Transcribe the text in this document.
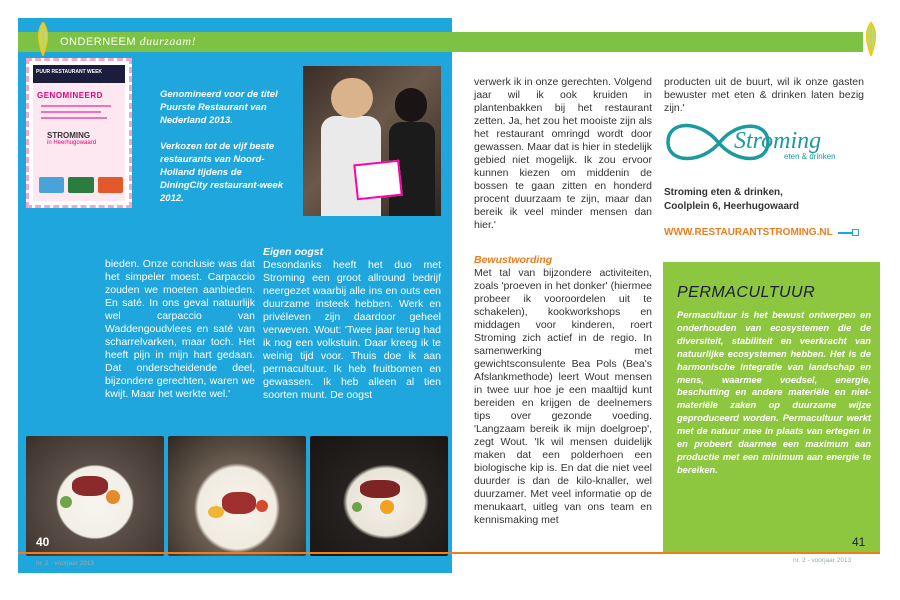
ONDERNEEM duurzaam!
PUUR RESTAURANT WEEK
GENOMINEERD
STROMING
in Heerhugowaard
Genomineerd voor de titel Puurste Restaurant van Nederland 2013.
Verkozen tot de vijf beste restaurants van Noord-Holland tijdens de DiningCity restaurant-week 2012.
bieden. Onze conclusie was dat het simpeler moest. Carpaccio zouden we moeten aanbieden. En saté. In ons geval natuurlijk wel carpaccio van Waddengoudvlees en saté van scharrelvarken, maar toch. Het heeft pijn in mijn hart gedaan. Dat onderscheidende deel, bijzondere gerechten, waren we kwijt. Maar het werkte wel.'
Eigen oogst
Desondanks heeft het duo met Stroming een groot allround bedrijf neergezet waarbij alle ins en outs een duurzame insteek hebben. Werk en privéleven zijn daardoor geheel verweven. Wout: 'Twee jaar terug had ik nog een volkstuin. Daar kreeg ik te weinig tijd voor. Thuis doe ik aan permacultuur. Ik heb fruitbomen en gewassen. Ik heb alleen al tien soorten munt. De oogst
40
nr. 2 - voorjaar 2013
verwerk ik in onze gerechten. Volgend jaar wil ik ook kruiden in plantenbakken bij het restaurant zetten. Ja, het zou het mooiste zijn als het restaurant omringd wordt door gewassen. Maar dat is hier in stedelijk gebied niet mogelijk. Ik zou ervoor kunnen kiezen om middenin de bossen te gaan zitten en honderd procent duurzaam te zijn, maar dan bereik ik veel minder mensen dan hier.'
Bewustwording
Met tal van bijzondere activiteiten, zoals 'proeven in het donker' (hiermee probeer ik vooroordelen uit te schakelen), kookworkshops en middagen voor kinderen, roert Stroming zich actief in de regio. In samenwerking met gewichtsconsulente Bea Pols (Bea's Afslankmethode) leert Wout mensen in twee uur hoe je een maaltijd kunt bereiden en krijgen de deelnemers tips over gezonde voeding. 'Langzaam bereik ik mijn doelgroep', zegt Wout. 'Ik wil mensen duidelijk maken dat een polderhoen een biologische kip is. En dat die niet veel duurder is dan de kilo-knaller, wel duurzamer. Met veel informatie op de menukaart, uitleg van ons team en kennismaking met
producten uit de buurt, wil ik onze gasten bewuster met eten & drinken laten bezig zijn.'
Stroming
eten & drinken
Stroming eten & drinken,
Coolplein 6, Heerhugowaard
WWW.RESTAURANTSTROMING.NL
PERMACULTUUR
Permacultuur is het bewust ontwerpen en onderhouden van ecosystemen die de diversiteit, stabiliteit en veerkracht van natuurlijke ecosystemen hebben. Het is de harmonische integratie van landschap en mens, waarmee voedsel, energie, beschutting en andere materiële en niet-materiële zaken op duurzame wijze geproduceerd worden. Permacultuur werkt met de natuur mee in plaats van ertegen in en probeert daarmee een maximum aan productie met een minimum aan energie te bereiken.
41
nr. 2 - voorjaar 2013
